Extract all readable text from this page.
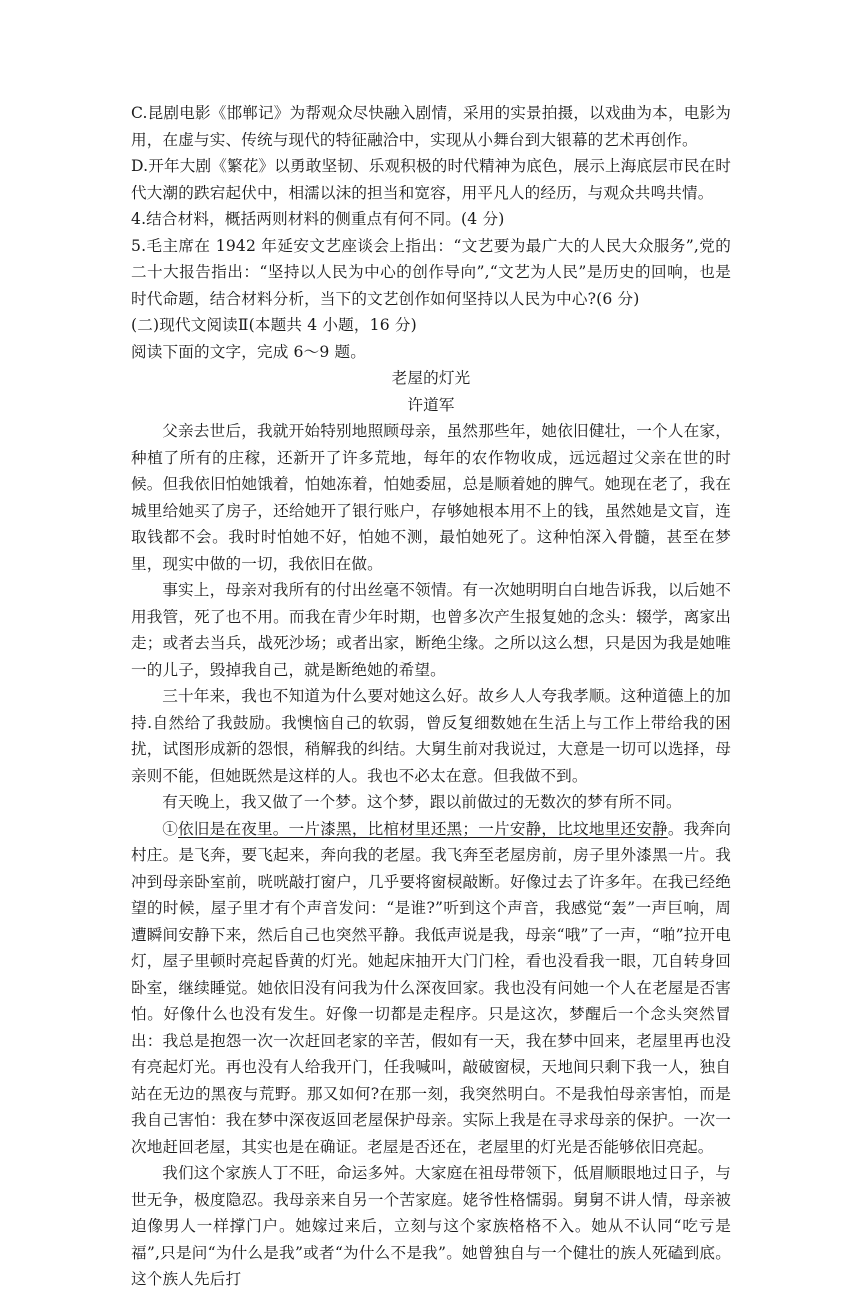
C.昆剧电影《邯郸记》为帮观众尽快融入剧情，采用的实景拍摄，以戏曲为本，电影为用，在虚与实、传统与现代的特征融洽中，实现从小舞台到大银幕的艺术再创作。

D.开年大剧《繁花》以勇敢坚韧、乐观积极的时代精神为底色，展示上海底层市民在时代大潮的跌宕起伏中，相濡以沫的担当和宽容，用平凡人的经历，与观众共鸣共情。

4.结合材料，概括两则材料的侧重点有何不同。(4 分)

5.毛主席在 1942 年延安文艺座谈会上指出：“文艺要为最广大的人民大众服务”,党的二十大报告指出：“坚持以人民为中心的创作导向”,“文艺为人民”是历史的回响，也是时代命题，结合材料分析，当下的文艺创作如何坚持以人民为中心?(6 分)

(二)现代文阅读Ⅱ(本题共 4 小题，16 分)

阅读下面的文字，完成 6～9 题。

老屋的灯光

许道军

父亲去世后，我就开始特别地照顾母亲，虽然那些年，她依旧健壮，一个人在家，种植了所有的庄稼，还新开了许多荒地，每年的农作物收成，远远超过父亲在世的时候。但我依旧怕她饿着，怕她冻着，怕她委屈，总是顺着她的脾气。她现在老了，我在城里给她买了房子，还给她开了银行账户，存够她根本用不上的钱，虽然她是文盲，连取钱都不会。我时时怕她不好，怕她不测，最怕她死了。这种怕深入骨髓，甚至在梦里，现实中做的一切，我依旧在做。

事实上，母亲对我所有的付出丝毫不领情。有一次她明明白白地告诉我，以后她不用我管，死了也不用。而我在青少年时期，也曾多次产生报复她的念头：辍学，离家出走；或者去当兵，战死沙场；或者出家，断绝尘缘。之所以这么想，只是因为我是她唯一的儿子，毁掉我自己，就是断绝她的希望。

三十年来，我也不知道为什么要对她这么好。故乡人人夸我孝顺。这种道德上的加持.自然给了我鼓励。我懊恼自己的软弱，曾反复细数她在生活上与工作上带给我的困扰，试图形成新的怨恨，稍解我的纠结。大舅生前对我说过，大意是一切可以选择，母亲则不能，但她既然是这样的人。我也不必太在意。但我做不到。

有天晚上，我又做了一个梦。这个梦，跟以前做过的无数次的梦有所不同。

①依旧是在夜里。一片漆黑，比棺材里还黑；一片安静，比坟地里还安静。我奔向村庄。是飞奔，要飞起来，奔向我的老屋。我飞奔至老屋房前，房子里外漆黑一片。我冲到母亲卧室前，咣咣敲打窗户，几乎要将窗棂敲断。好像过去了许多年。在我已经绝望的时候，屋子里才有个声音发问：“是谁?”听到这个声音，我感觉“轰”一声巨响，周遭瞬间安静下来，然后自己也突然平静。我低声说是我，母亲“哦”了一声，“啪”拉开电灯，屋子里顿时亮起昏黄的灯光。她起床抽开大门门栓，看也没看我一眼，兀自转身回卧室，继续睡觉。她依旧没有问我为什么深夜回家。我也没有问她一个人在老屋是否害怕。好像什么也没有发生。好像一切都是走程序。只是这次，梦醒后一个念头突然冒出：我总是抱怨一次一次赶回老家的辛苦，假如有一天，我在梦中回来，老屋里再也没有亮起灯光。再也没有人给我开门，任我喊叫，敲破窗棂，天地间只剩下我一人，独自站在无边的黑夜与荒野。那又如何?在那一刻，我突然明白。不是我怕母亲害怕，而是我自己害怕：我在梦中深夜返回老屋保护母亲。实际上我是在寻求母亲的保护。一次一次地赶回老屋，其实也是在确证。老屋是否还在，老屋里的灯光是否能够依旧亮起。

我们这个家族人丁不旺，命运多舛。大家庭在祖母带领下，低眉顺眼地过日子，与世无争，极度隐忍。我母亲来自另一个苦家庭。姥爷性格懦弱。舅舅不讲人情，母亲被迫像男人一样撑门户。她嫁过来后，立刻与这个家族格格不入。她从不认同“吃亏是福”,只是问“为什么是我”或者“为什么不是我”。她曾独自与一个健壮的族人死磕到底。这个族人先后打
